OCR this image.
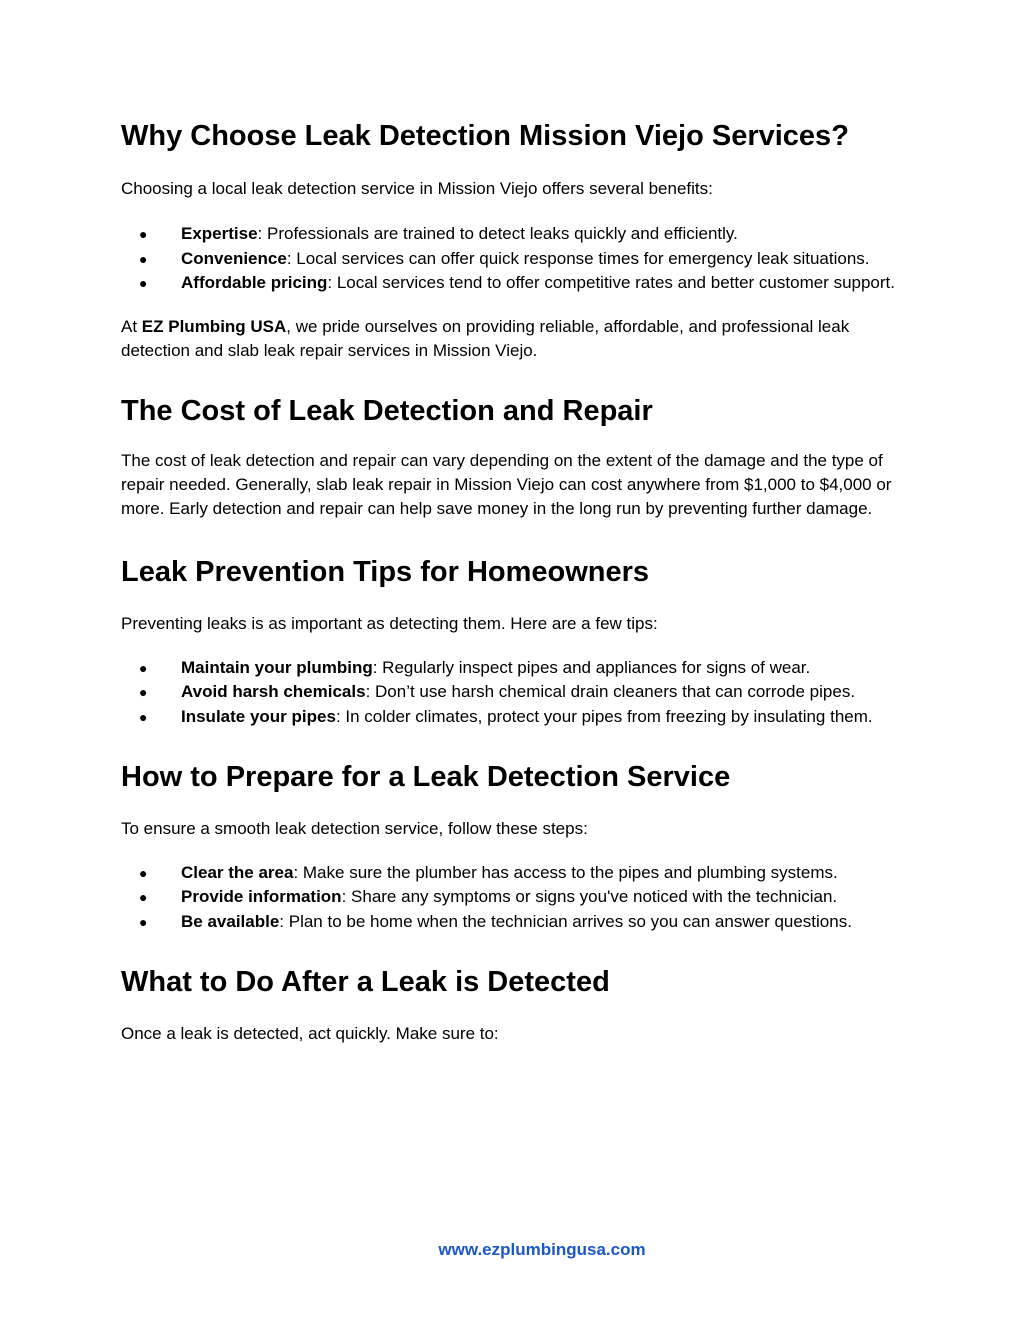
Why Choose Leak Detection Mission Viejo Services?

Choosing a local leak detection service in Mission Viejo offers several benefits:

● Expertise: Professionals are trained to detect leaks quickly and efficiently.
● Convenience: Local services can offer quick response times for emergency leak situations.
● Affordable pricing: Local services tend to offer competitive rates and better customer support.

At EZ Plumbing USA, we pride ourselves on providing reliable, affordable, and professional leak detection and slab leak repair services in Mission Viejo.

The Cost of Leak Detection and Repair

The cost of leak detection and repair can vary depending on the extent of the damage and the type of repair needed. Generally, slab leak repair in Mission Viejo can cost anywhere from $1,000 to $4,000 or more. Early detection and repair can help save money in the long run by preventing further damage.

Leak Prevention Tips for Homeowners

Preventing leaks is as important as detecting them. Here are a few tips:

● Maintain your plumbing: Regularly inspect pipes and appliances for signs of wear.
● Avoid harsh chemicals: Don’t use harsh chemical drain cleaners that can corrode pipes.
● Insulate your pipes: In colder climates, protect your pipes from freezing by insulating them.
How to Prepare for a Leak Detection Service

To ensure a smooth leak detection service, follow these steps:

● Clear the area: Make sure the plumber has access to the pipes and plumbing systems.
● Provide information: Share any symptoms or signs you've noticed with the technician.
● Be available: Plan to be home when the technician arrives so you can answer questions.
What to Do After a Leak is Detected

Once a leak is detected, act quickly. Make sure to:

www.ezplumbingusa.com
